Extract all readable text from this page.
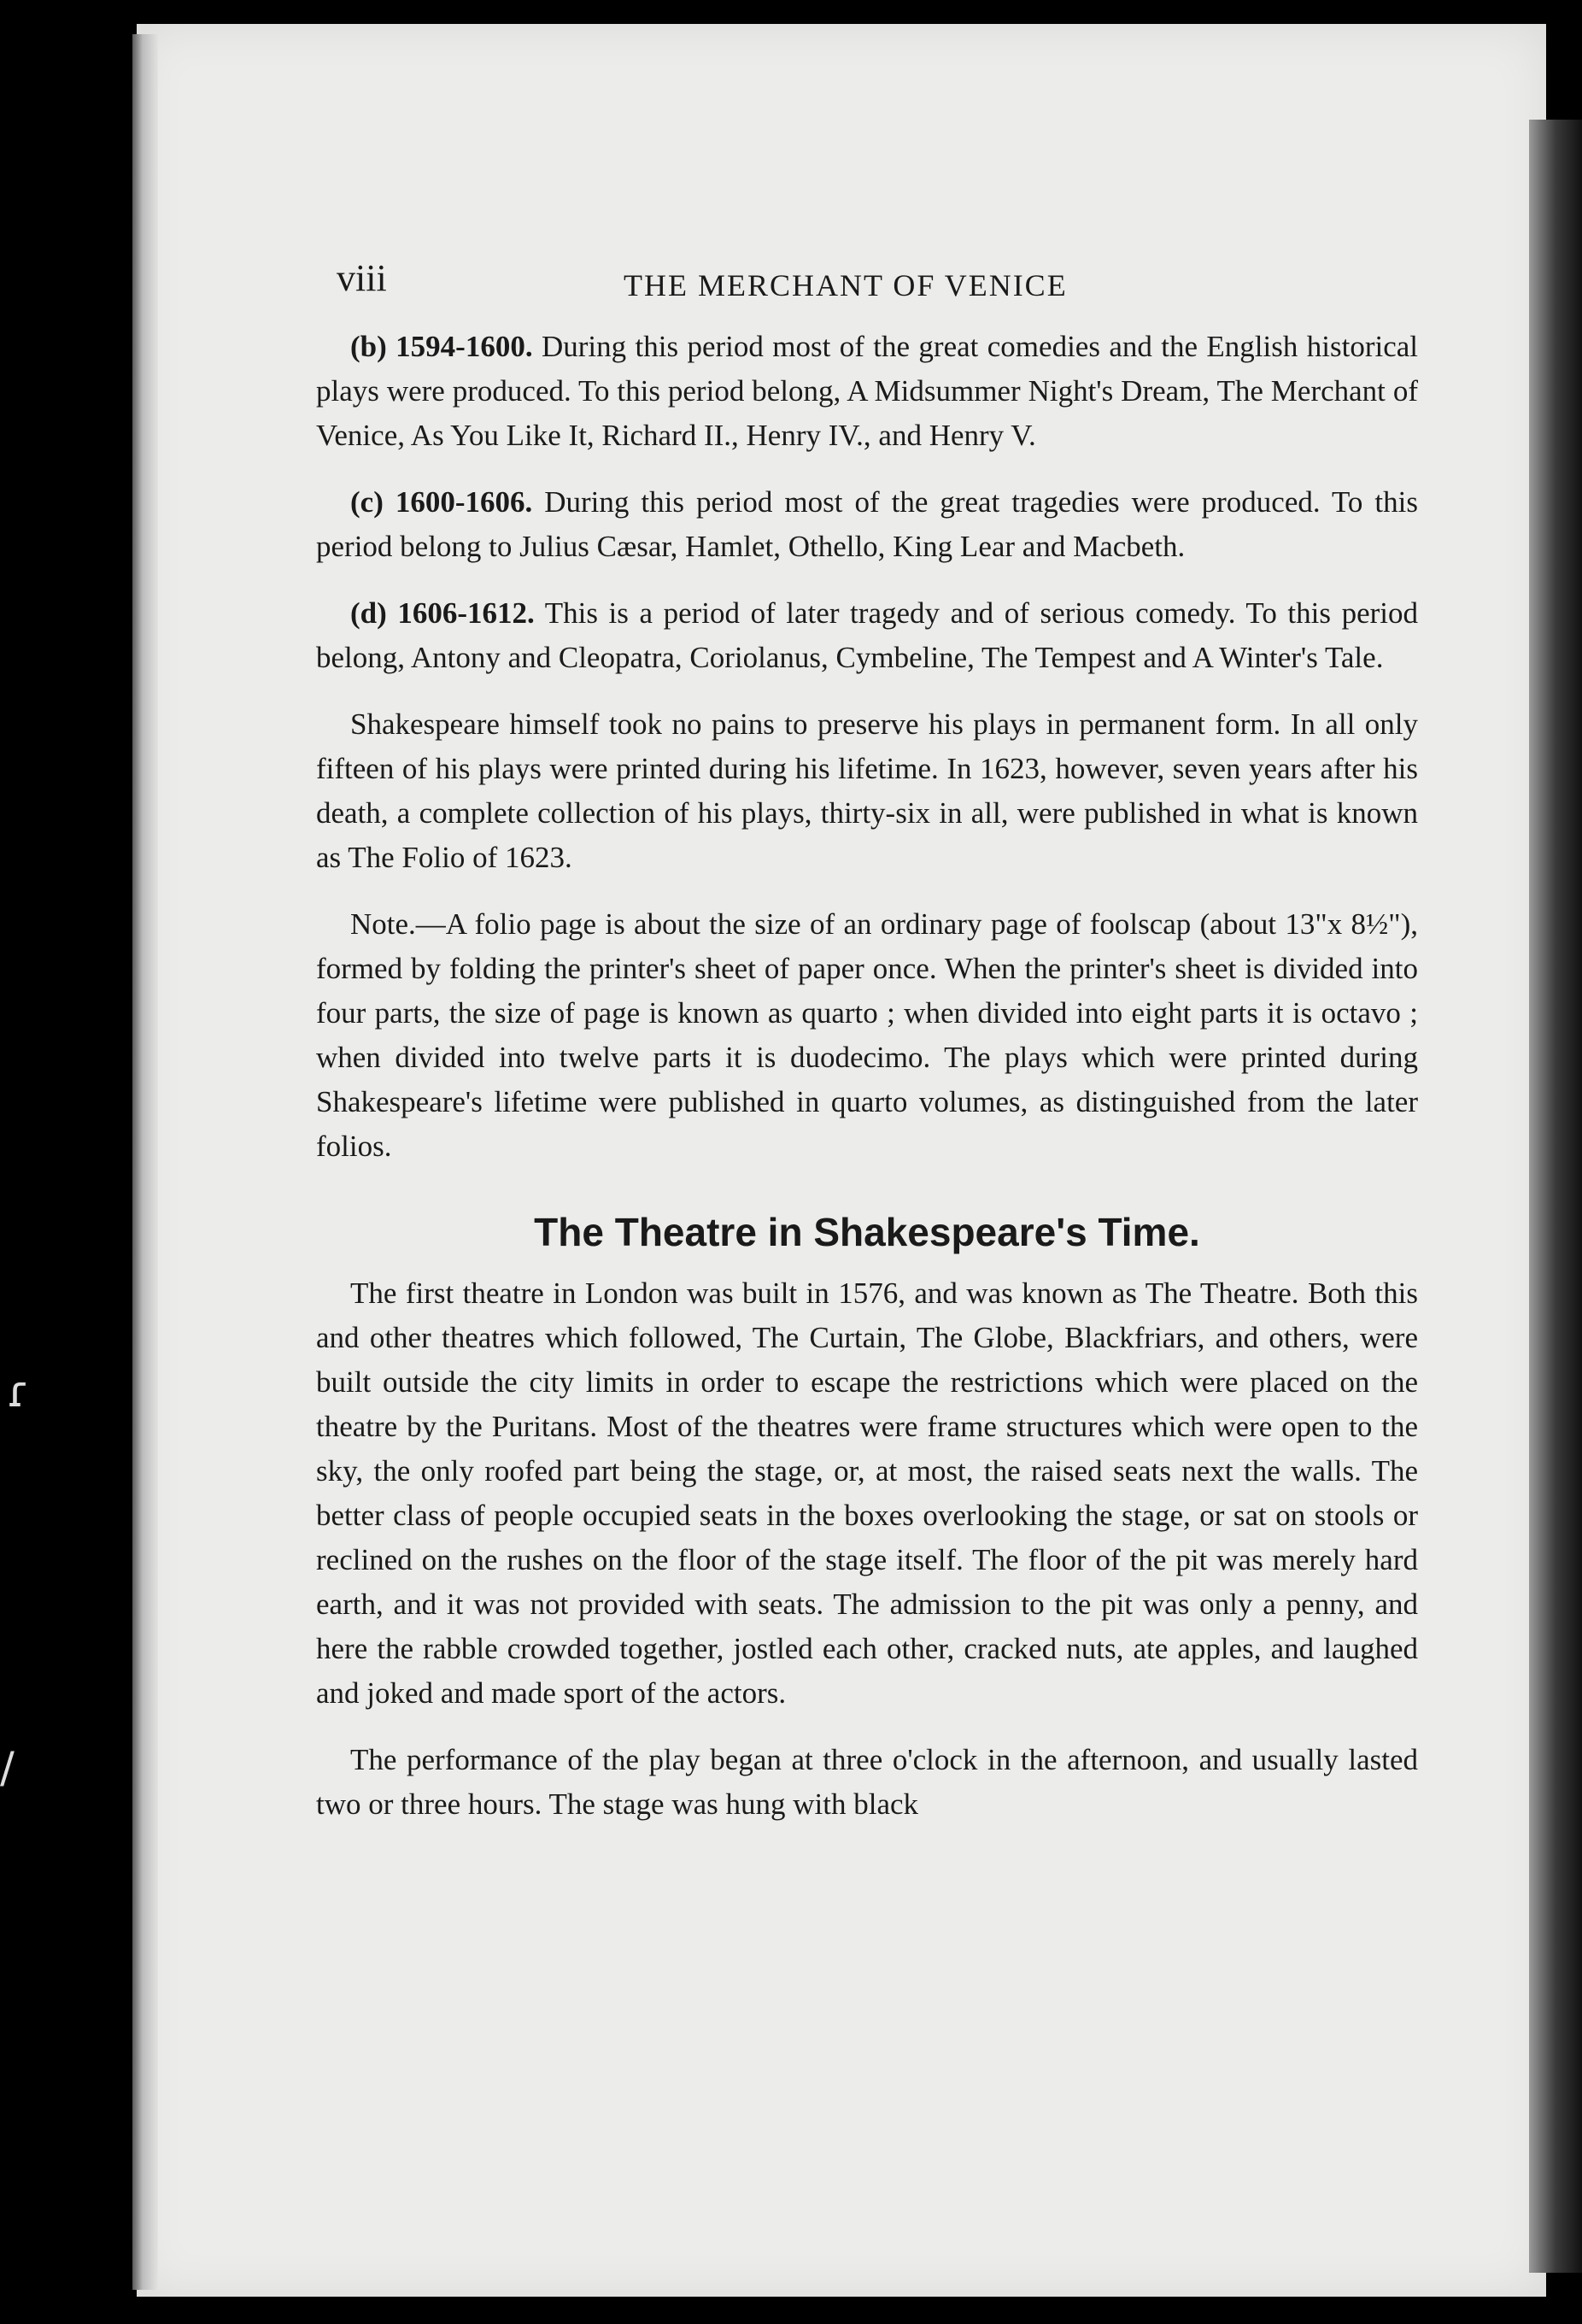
ɾ
/
viii	THE MERCHANT OF VENICE

(b) 1594-1600. During this period most of the great comedies and the English historical plays were produced. To this period belong, A Midsummer Night's Dream, The Merchant of Venice, As You Like It, Richard II., Henry IV., and Henry V.

(c) 1600-1606. During this period most of the great tragedies were produced. To this period belong to Julius Cæsar, Hamlet, Othello, King Lear and Macbeth.

(d) 1606-1612. This is a period of later tragedy and of serious comedy. To this period belong, Antony and Cleopatra, Coriolanus, Cymbeline, The Tempest and A Winter's Tale.

Shakespeare himself took no pains to preserve his plays in permanent form. In all only fifteen of his plays were printed during his lifetime. In 1623, however, seven years after his death, a complete collection of his plays, thirty-six in all, were published in what is known as The Folio of 1623.

Note.—A folio page is about the size of an ordinary page of foolscap (about 13"x 8½"), formed by folding the printer's sheet of paper once. When the printer's sheet is divided into four parts, the size of page is known as quarto ; when divided into eight parts it is octavo ; when divided into twelve parts it is duodecimo. The plays which were printed during Shakespeare's lifetime were published in quarto volumes, as distinguished from the later folios.

The Theatre in Shakespeare's Time.

The first theatre in London was built in 1576, and was known as The Theatre. Both this and other theatres which followed, The Curtain, The Globe, Blackfriars, and others, were built outside the city limits in order to escape the restrictions which were placed on the theatre by the Puritans. Most of the theatres were frame structures which were open to the sky, the only roofed part being the stage, or, at most, the raised seats next the walls. The better class of people occupied seats in the boxes overlooking the stage, or sat on stools or reclined on the rushes on the floor of the stage itself. The floor of the pit was merely hard earth, and it was not provided with seats. The admission to the pit was only a penny, and here the rabble crowded together, jostled each other, cracked nuts, ate apples, and laughed and joked and made sport of the actors.

The performance of the play began at three o'clock in the afternoon, and usually lasted two or three hours. The stage was hung with black
